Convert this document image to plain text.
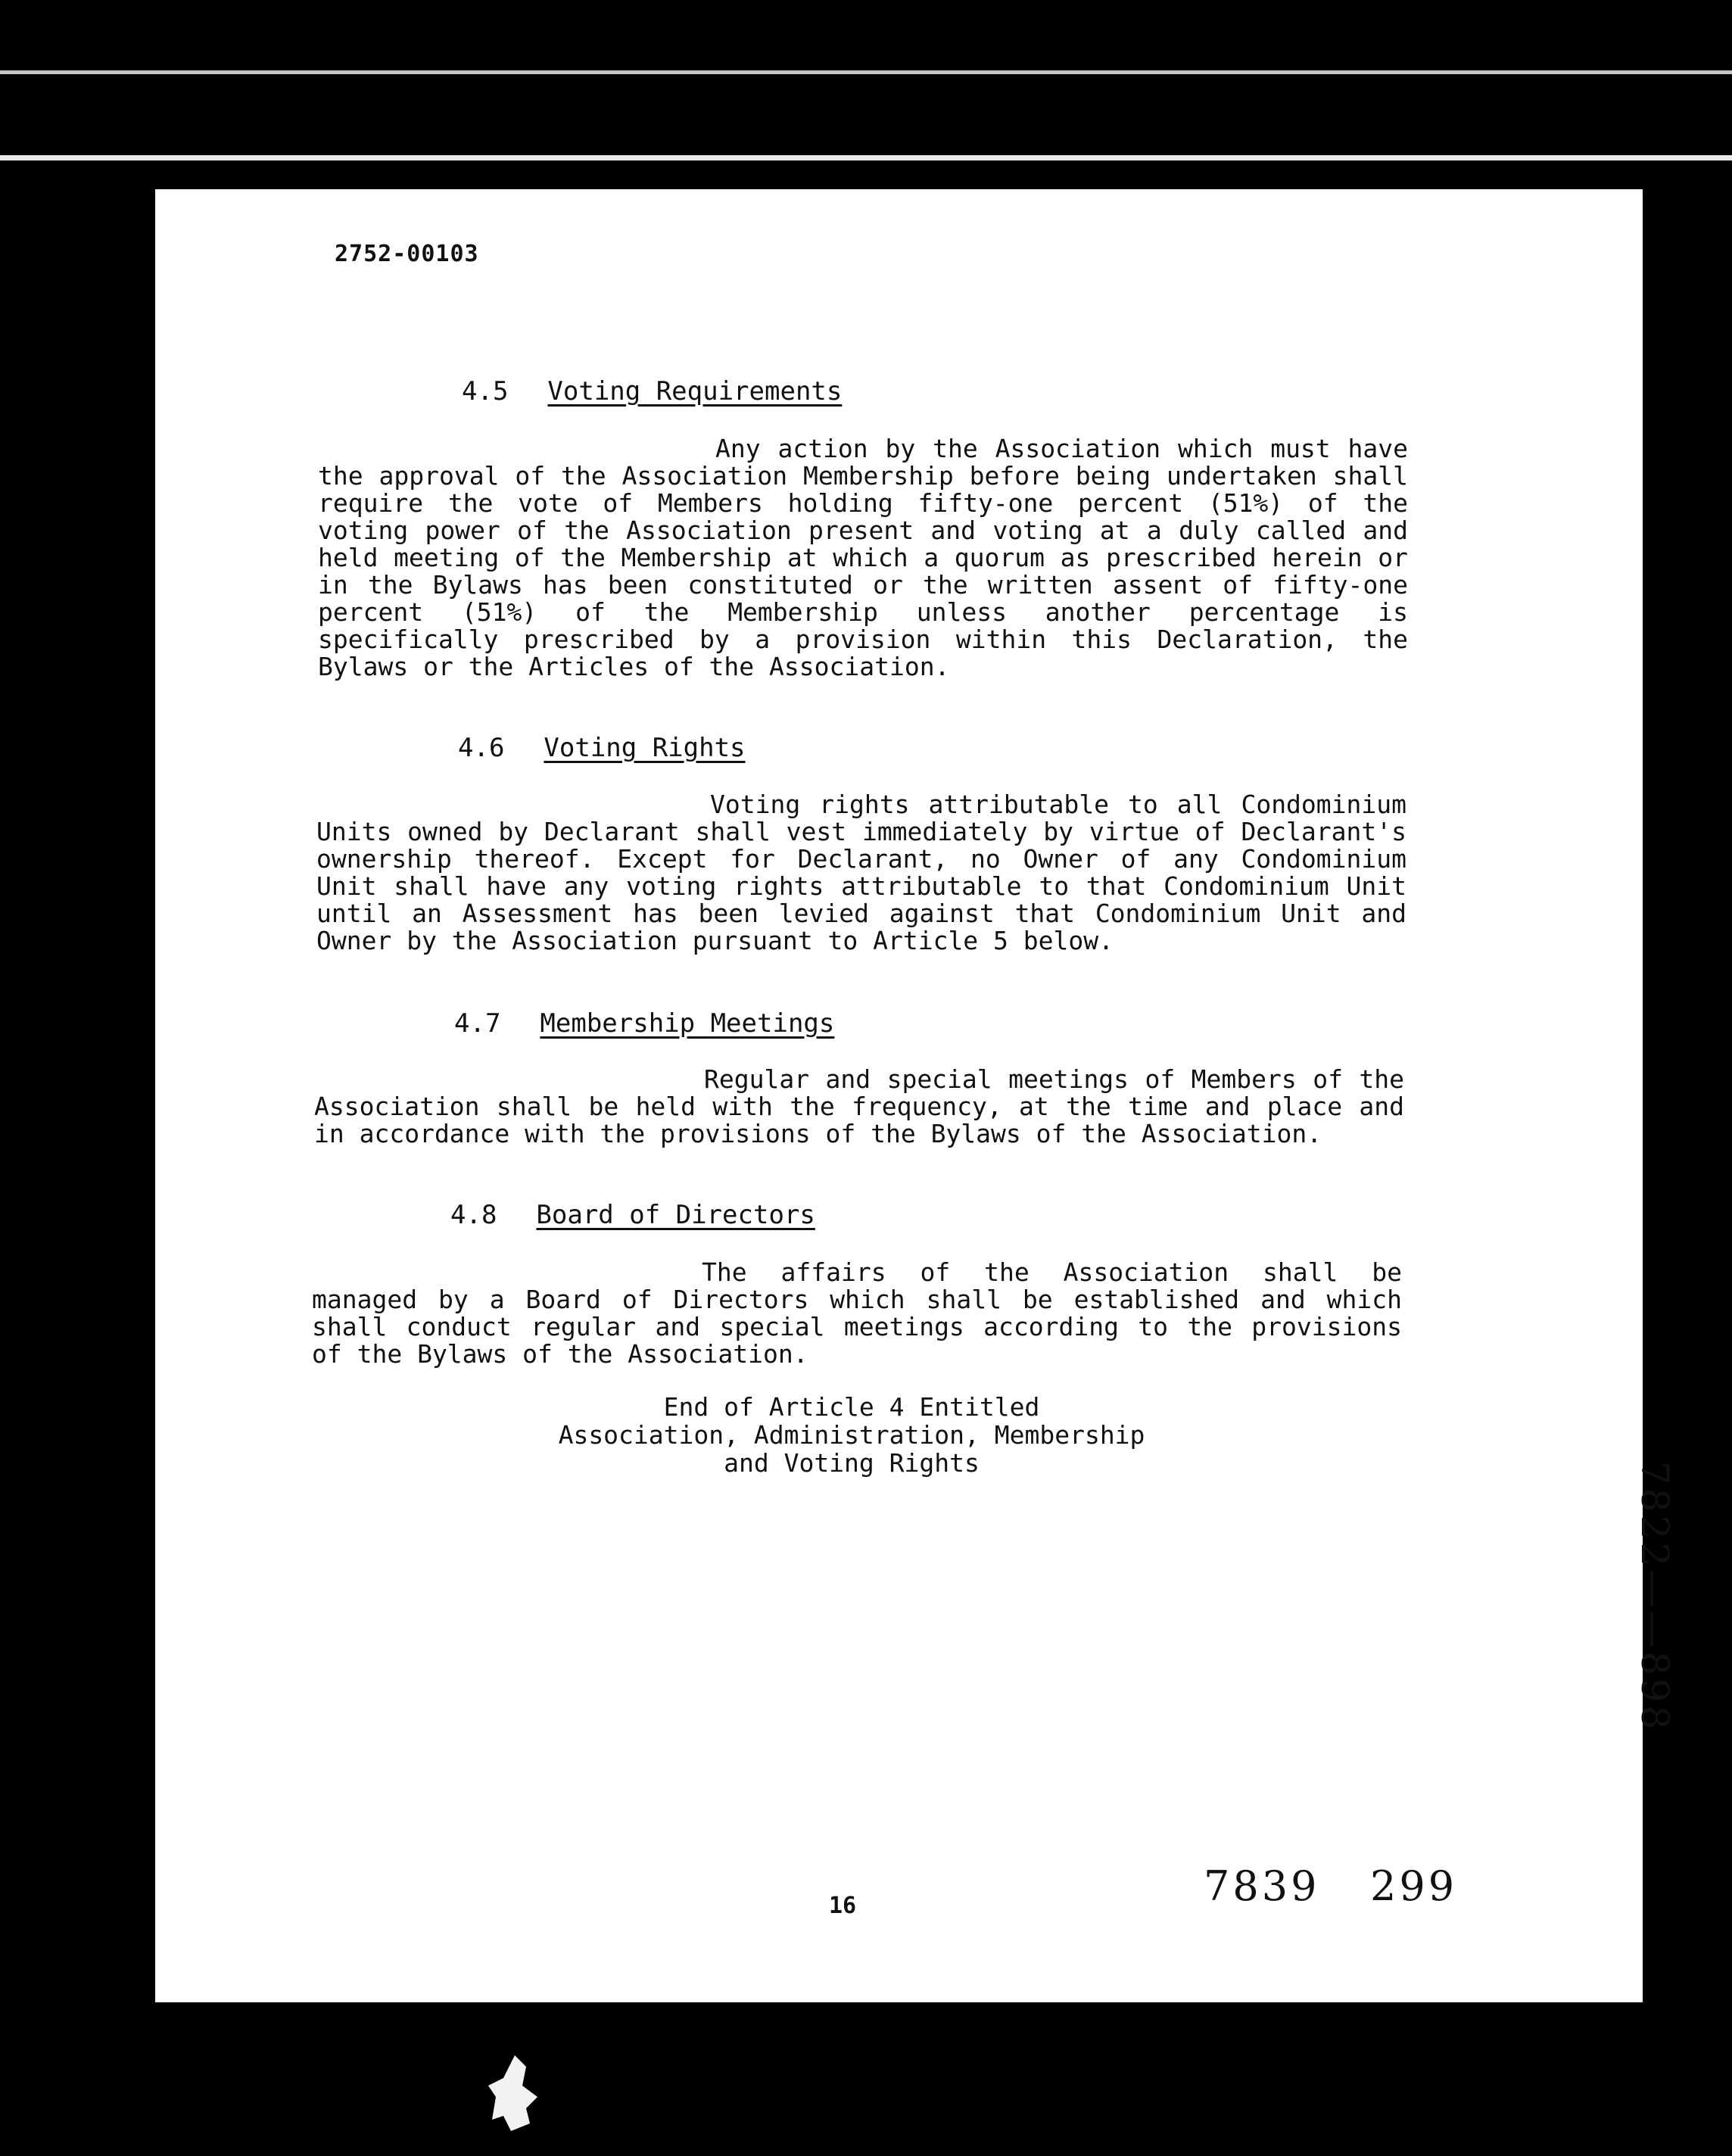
2752-00103
4.5 Voting Requirements
Any action by the Association which must have the approval of the Association Membership before being undertaken shall require the vote of Members holding fifty-one percent (51%) of the voting power of the Association present and voting at a duly called and held meeting of the Membership at which a quorum as prescribed herein or in the Bylaws has been constituted or the written assent of fifty-one percent (51%) of the Membership unless another percentage is specifically prescribed by a provision within this Declaration, the Bylaws or the Articles of the Association.
4.6 Voting Rights
Voting rights attributable to all Condominium Units owned by Declarant shall vest immediately by virtue of Declarant's ownership thereof. Except for Declarant, no Owner of any Condominium Unit shall have any voting rights attributable to that Condominium Unit until an Assessment has been levied against that Condominium Unit and Owner by the Association pursuant to Article 5 below.
4.7 Membership Meetings
Regular and special meetings of Members of the Association shall be held with the frequency, at the time and place and in accordance with the provisions of the Bylaws of the Association.
4.8 Board of Directors
The affairs of the Association shall be managed by a Board of Directors which shall be established and which shall conduct regular and special meetings according to the provisions of the Bylaws of the Association.
End of Article 4 Entitled
Association, Administration, Membership
and Voting Rights	7822——898
16	7839 299
